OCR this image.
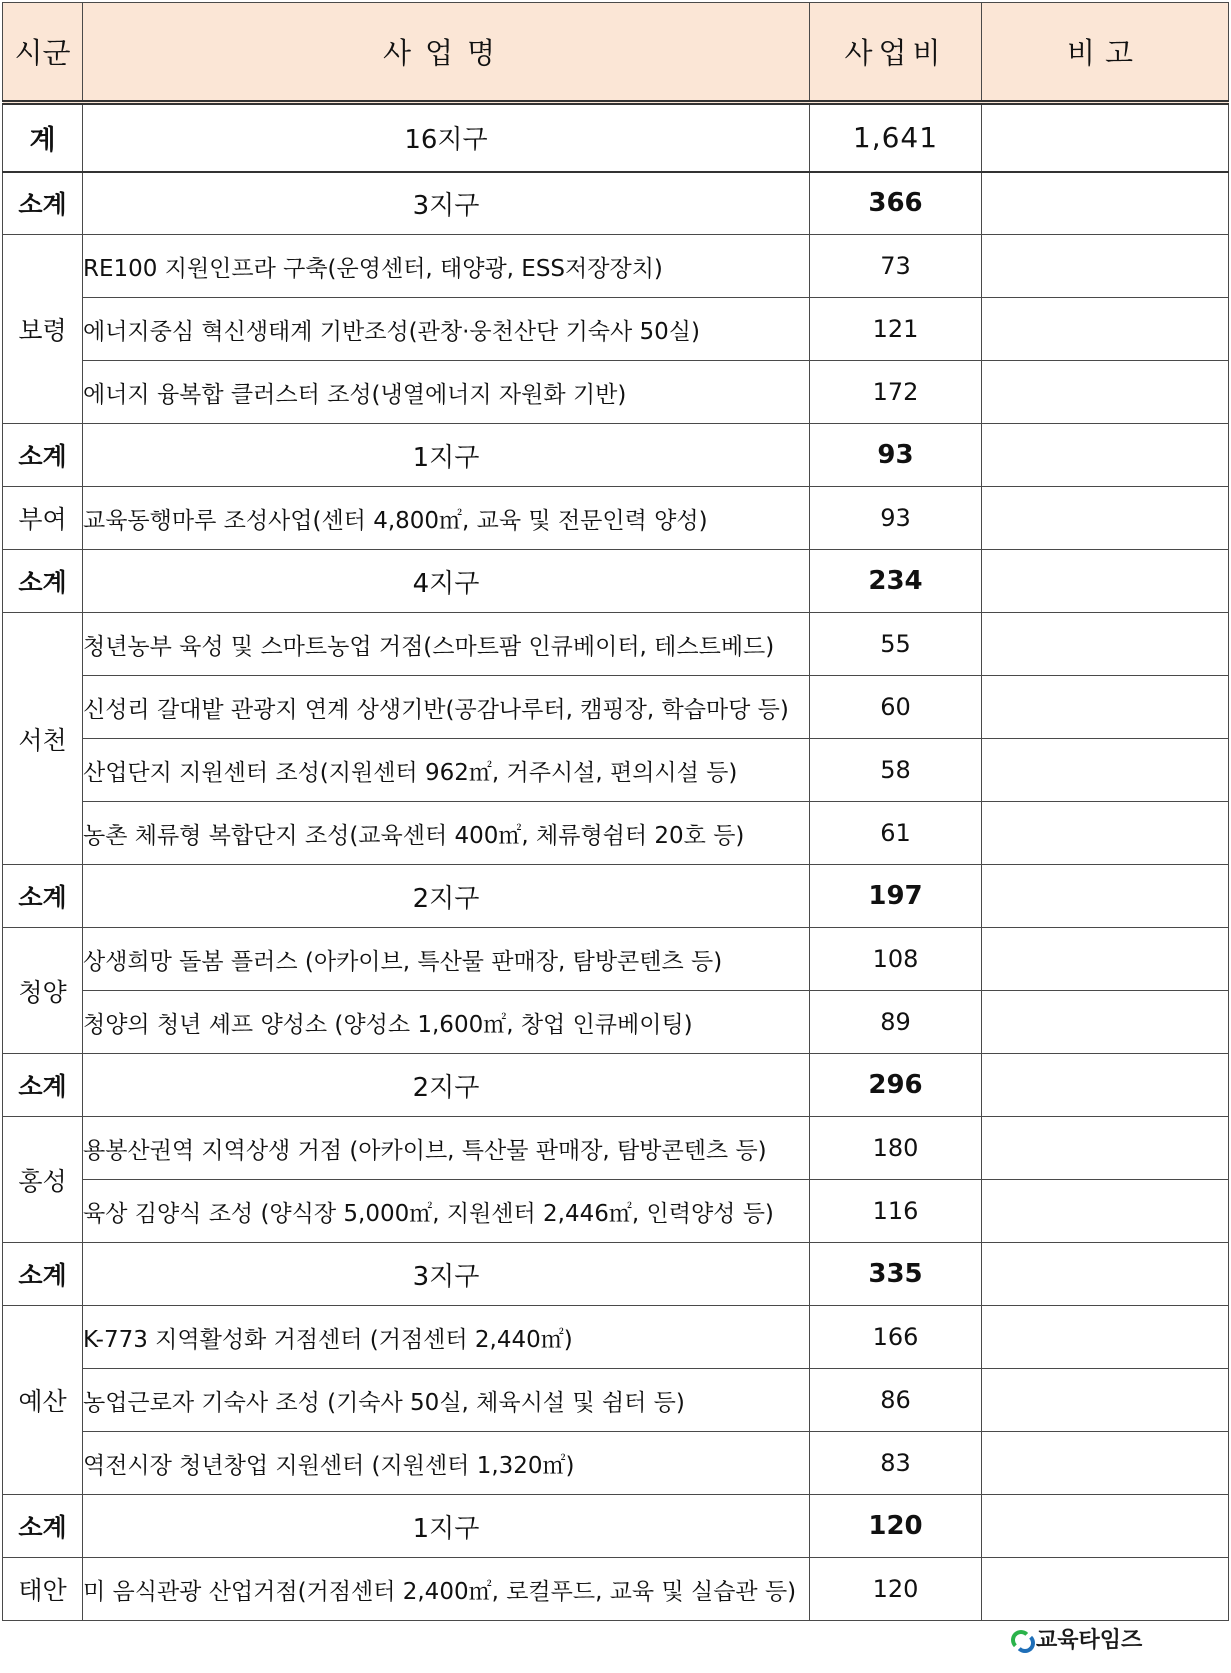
시군	사업명	사업비	비고
계	16지구	1,641	
소계	3지구	366	
보령	RE100 지원인프라 구축(운영센터, 태양광, ESS저장장치)	73	
	에너지중심 혁신생태계 기반조성(관창·웅천산단 기숙사 50실)	121	
	에너지 융복합 클러스터 조성(냉열에너지 자원화 기반)	172	
소계	1지구	93	
부여	교육동행마루 조성사업(센터 4,800㎡, 교육 및 전문인력 양성)	93	
소계	4지구	234	
서천	청년농부 육성 및 스마트농업 거점(스마트팜 인큐베이터, 테스트베드)	55	
	신성리 갈대밭 관광지 연계 상생기반(공감나루터, 캠핑장, 학습마당 등)	60	
	산업단지 지원센터 조성(지원센터 962㎡, 거주시설, 편의시설 등)	58	
	농촌 체류형 복합단지 조성(교육센터 400㎡, 체류형쉼터 20호 등)	61	
소계	2지구	197	
청양	상생희망 돌봄 플러스 (아카이브, 특산물 판매장, 탐방콘텐츠 등)	108	
	청양의 청년 셰프 양성소 (양성소 1,600㎡, 창업 인큐베이팅)	89	
소계	2지구	296	
홍성	용봉산권역 지역상생 거점 (아카이브, 특산물 판매장, 탐방콘텐츠 등)	180	
	육상 김양식 조성 (양식장 5,000㎡, 지원센터 2,446㎡, 인력양성 등)	116	
소계	3지구	335	
예산	K-773 지역활성화 거점센터 (거점센터 2,440㎡)	166	
	농업근로자 기숙사 조성 (기숙사 50실, 체육시설 및 쉼터 등)	86	
	역전시장 청년창업 지원센터 (지원센터 1,320㎡)	83	
소계	1지구	120	
태안	미 음식관광 산업거점(거점센터 2,400㎡, 로컬푸드, 교육 및 실습관 등)	120	
교육타임즈
